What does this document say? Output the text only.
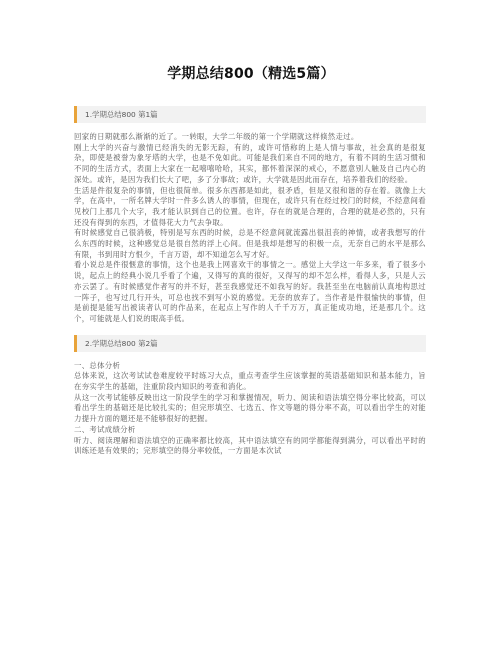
学期总结800（精选5篇）
1.学期总结800 第1篇

回家的日期就那么渐渐的近了。一转眼，大学二年级的第一个学期就这样倏然走过。

刚上大学的兴奋与激情已经消失的无影无踪，有的，或许可惜称的上是人情与事故，社会真的是很复杂，即使是被誉为象牙塔的大学，也是不免如此。可能是我们来自不同的地方，有着不同的生活习惯和不同的生活方式，表面上大家在一起嘻嘻哈哈，其实，都怀着深深的戒心，不愿意别人触及自己内心的深处。或许，是因为我们长大了吧，多了分事故；或许，大学就是因此而存在，培养着我们的经验。

生活是件很复杂的事情，但也很简单。很多东西都是如此，很矛盾，但是又很和谐的存在着。就像上大学，在高中，一所名牌大学时一件多么诱人的事情，但现在，或许只有在经过校门的时候，不经意间看见校门上那几个大字，我才能认识到自己的位置。也许，存在的就是合理的，合理的就是必然的，只有还没有得到的东西，才值得花大力气去争取。

有时候感觉自己很消极，特别是写东西的时候，总是不经意间就流露出很沮丧的神情，或者我想写的什么东西的时候，这种感觉总是很自然的浮上心间。但是我却是想写的积极一点，无奈自己的水平是那么有限，书到用时方恨少，千言万语，却不知道怎么写才好。

看小说总是件很惬意的事情，这个也是我上网喜欢干的事情之一。感觉上大学这一年多来，看了很多小说，起点上的经典小说几乎看了个遍，又得写的真的很好，又得写的却不怎么样，看得人多，只是人云亦云罢了。有时候感觉作者写的并不好，甚至我感觉还不如我写的好。我甚至坐在电脑前认真地构思过一阵子，也写过几行开头，可总也找不到写小说的感觉。无奈的放弃了。当作者是件很愉快的事情，但是前提是能写出被读者认可的作品来，在起点上写作的人千千万万，真正能成功地，还是那几个。这个，可能就是人们说的眼高手低。

2.学期总结800 第2篇

一、总体分析

总体来说，这次考试试卷难度较平时练习大点，重点考查学生应该掌握的英语基础知识和基本能力，旨在夯实学生的基础，注重阶段内知识的考查和消化。

从这一次考试能够反映出这一阶段学生的学习和掌握情况，听力、阅读和语法填空得分率比较高，可以看出学生的基础还是比较扎实的；但完形填空、七选五、作文等题的得分率不高，可以看出学生的对能力提升方面的题还是不能够很好的把握。

二、考试成绩分析

听力、阅读理解和语法填空的正确率都比较高，其中语法填空有的同学都能得到满分，可以看出平时的训练还是有效果的；完形填空的得分率较低，一方面是本次试
